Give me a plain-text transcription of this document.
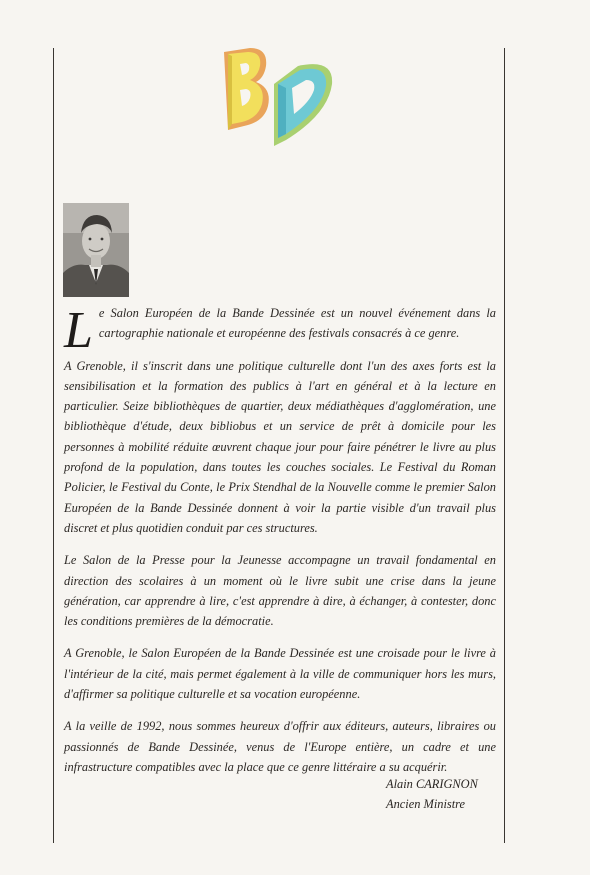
Le Salon Européen de la Bande Dessinée est un nouvel événement dans la cartographie nationale et européenne des festivals consacrés à ce genre.

A Grenoble, il s'inscrit dans une politique culturelle dont l'un des axes forts est la sensibilisation et la formation des publics à l'art en général et à la lecture en particulier. Seize bibliothèques de quartier, deux médiathèques d'agglomération, une bibliothèque d'étude, deux bibliobus et un service de prêt à domicile pour les personnes à mobilité réduite œuvrent chaque jour pour faire pénétrer le livre au plus profond de la population, dans toutes les couches sociales. Le Festival du Roman Policier, le Festival du Conte, le Prix Stendhal de la Nouvelle comme le premier Salon Européen de la Bande Dessinée donnent à voir la partie visible d'un travail plus discret et plus quotidien conduit par ces structures.

Le Salon de la Presse pour la Jeunesse accompagne un travail fondamental en direction des scolaires à un moment où le livre subit une crise dans la jeune génération, car apprendre à lire, c'est apprendre à dire, à échanger, à contester, donc les conditions premières de la démocratie.

A Grenoble, le Salon Européen de la Bande Dessinée est une croisade pour le livre à l'intérieur de la cité, mais permet également à la ville de communiquer hors les murs, d'affirmer sa politique culturelle et sa vocation européenne.

A la veille de 1992, nous sommes heureux d'offrir aux éditeurs, auteurs, libraires ou passionnés de Bande Dessinée, venus de l'Europe entière, un cadre et une infrastructure compatibles avec la place que ce genre littéraire a su acquérir.

Alain CARIGNON
Ancien Ministre
